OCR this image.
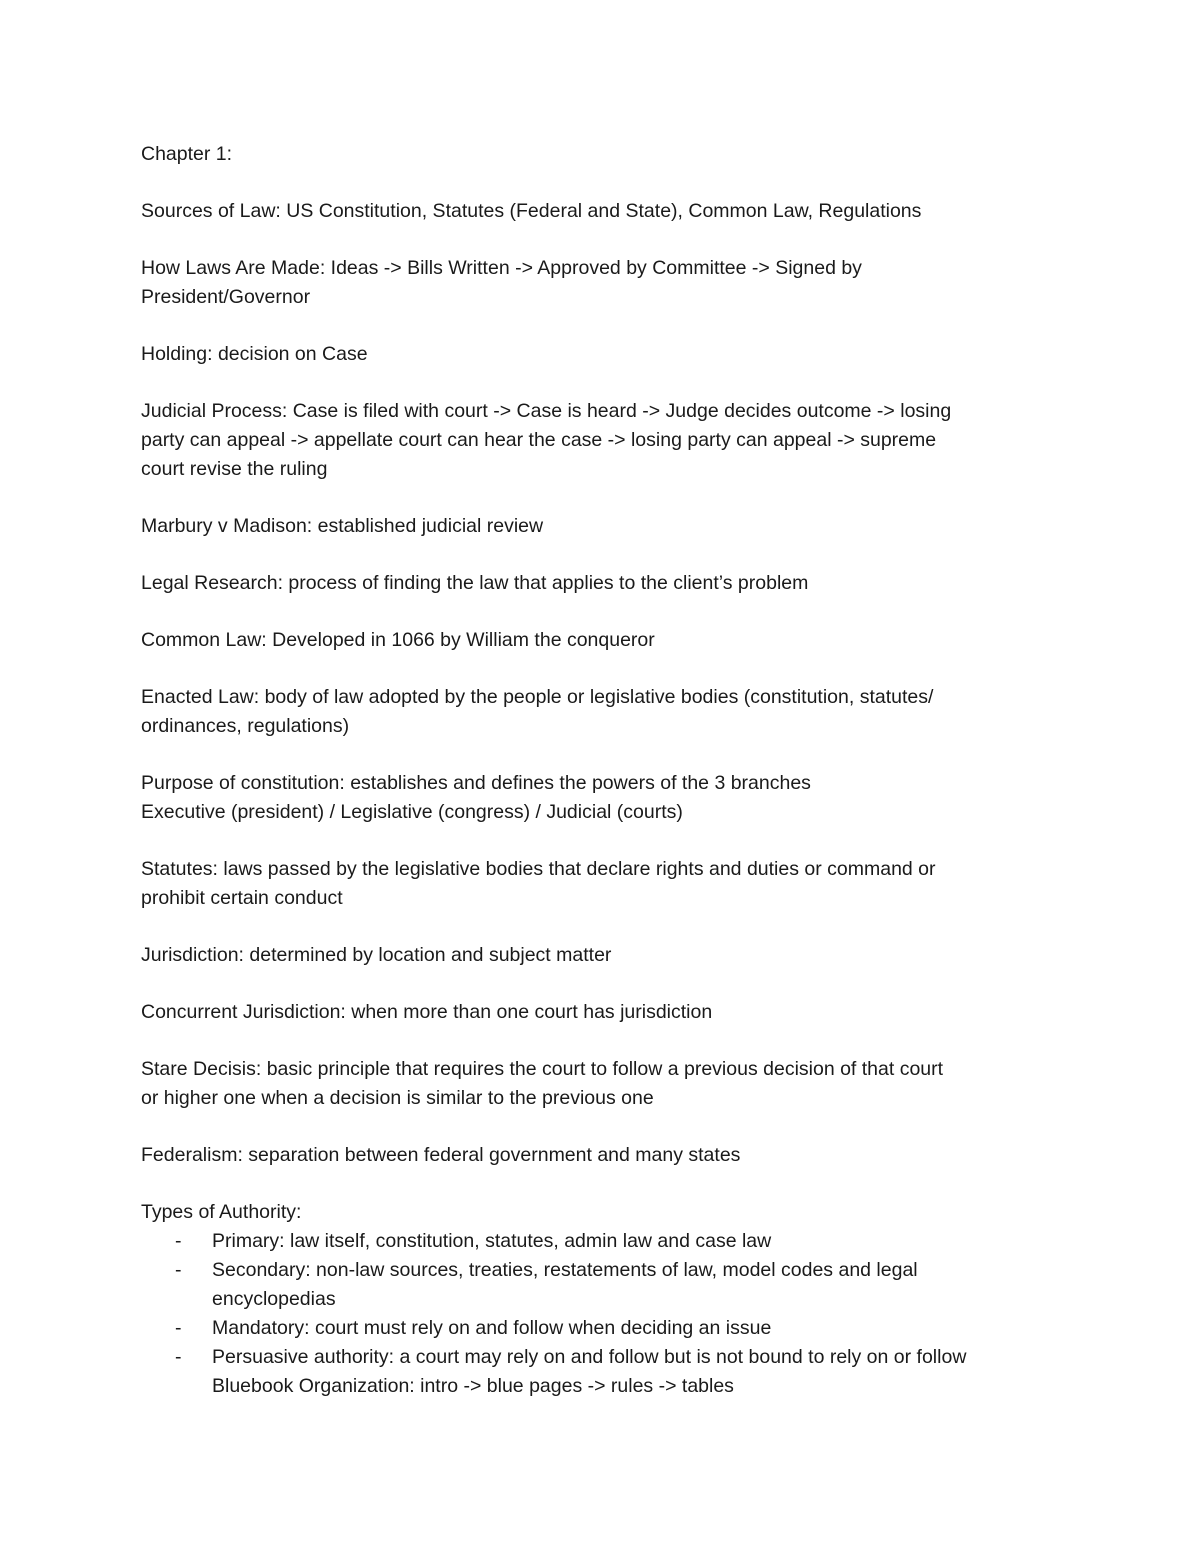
Chapter 1:

Sources of Law: US Constitution, Statutes (Federal and State), Common Law, Regulations

How Laws Are Made: Ideas -> Bills Written -> Approved by Committee -> Signed by
President/Governor

Holding: decision on Case

Judicial Process: Case is filed with court -> Case is heard -> Judge decides outcome -> losing
party can appeal -> appellate court can hear the case -> losing party can appeal -> supreme
court revise the ruling

Marbury v Madison: established judicial review

Legal Research: process of finding the law that applies to the client’s problem

Common Law: Developed in 1066 by William the conqueror

Enacted Law: body of law adopted by the people or legislative bodies (constitution, statutes/
ordinances, regulations)

Purpose of constitution: establishes and defines the powers of the 3 branches
Executive (president) / Legislative (congress) / Judicial (courts)

Statutes: laws passed by the legislative bodies that declare rights and duties or command or
prohibit certain conduct

Jurisdiction: determined by location and subject matter

Concurrent Jurisdiction: when more than one court has jurisdiction

Stare Decisis: basic principle that requires the court to follow a previous decision of that court
or higher one when a decision is similar to the previous one

Federalism: separation between federal government and many states

Types of Authority:
- Primary: law itself, constitution, statutes, admin law and case law
- Secondary: non-law sources, treaties, restatements of law, model codes and legal
encyclopedias
- Mandatory: court must rely on and follow when deciding an issue
- Persuasive authority: a court may rely on and follow but is not bound to rely on or follow
Bluebook Organization: intro -> blue pages -> rules -> tables
